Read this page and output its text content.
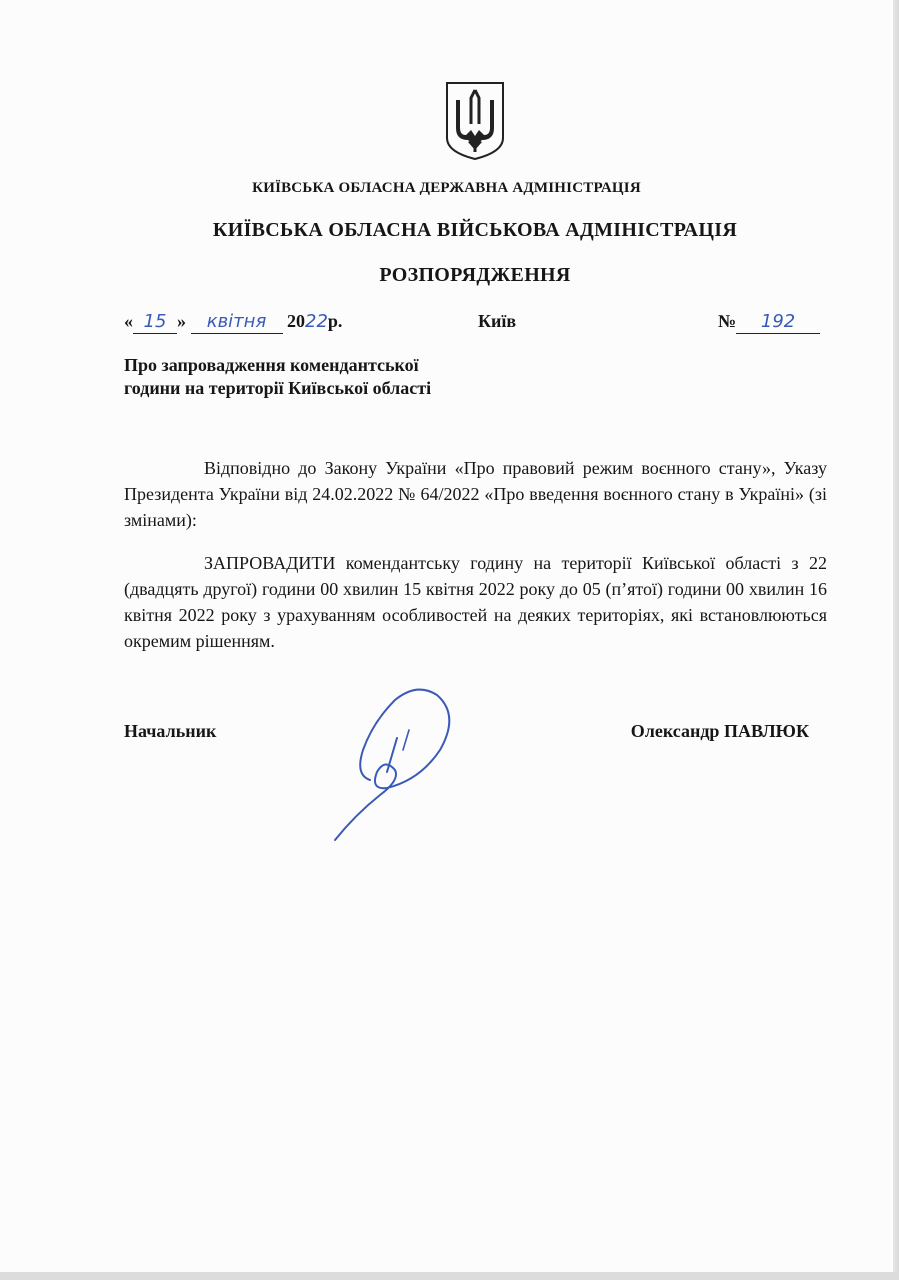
КИЇВСЬКА ОБЛАСНА ДЕРЖАВНА АДМІНІСТРАЦІЯ
КИЇВСЬКА ОБЛАСНА ВІЙСЬКОВА АДМІНІСТРАЦІЯ
РОЗПОРЯДЖЕННЯ
« 15 » квітня 2022р.	Київ	№ 192
Про запровадження комендантської
години на території Київської області
Відповідно до Закону України «Про правовий режим воєнного стану», Указу Президента України від 24.02.2022 № 64/2022 «Про введення воєнного стану в Україні» (зі змінами):
ЗАПРОВАДИТИ комендантську годину на території Київської області з 22 (двадцять другої) години 00 хвилин 15 квітня 2022 року до 05 (п’ятої) години 00 хвилин 16 квітня 2022 року з урахуванням особливостей на деяких територіях, які встановлюються окремим рішенням.
Начальник	Олександр ПАВЛЮК
